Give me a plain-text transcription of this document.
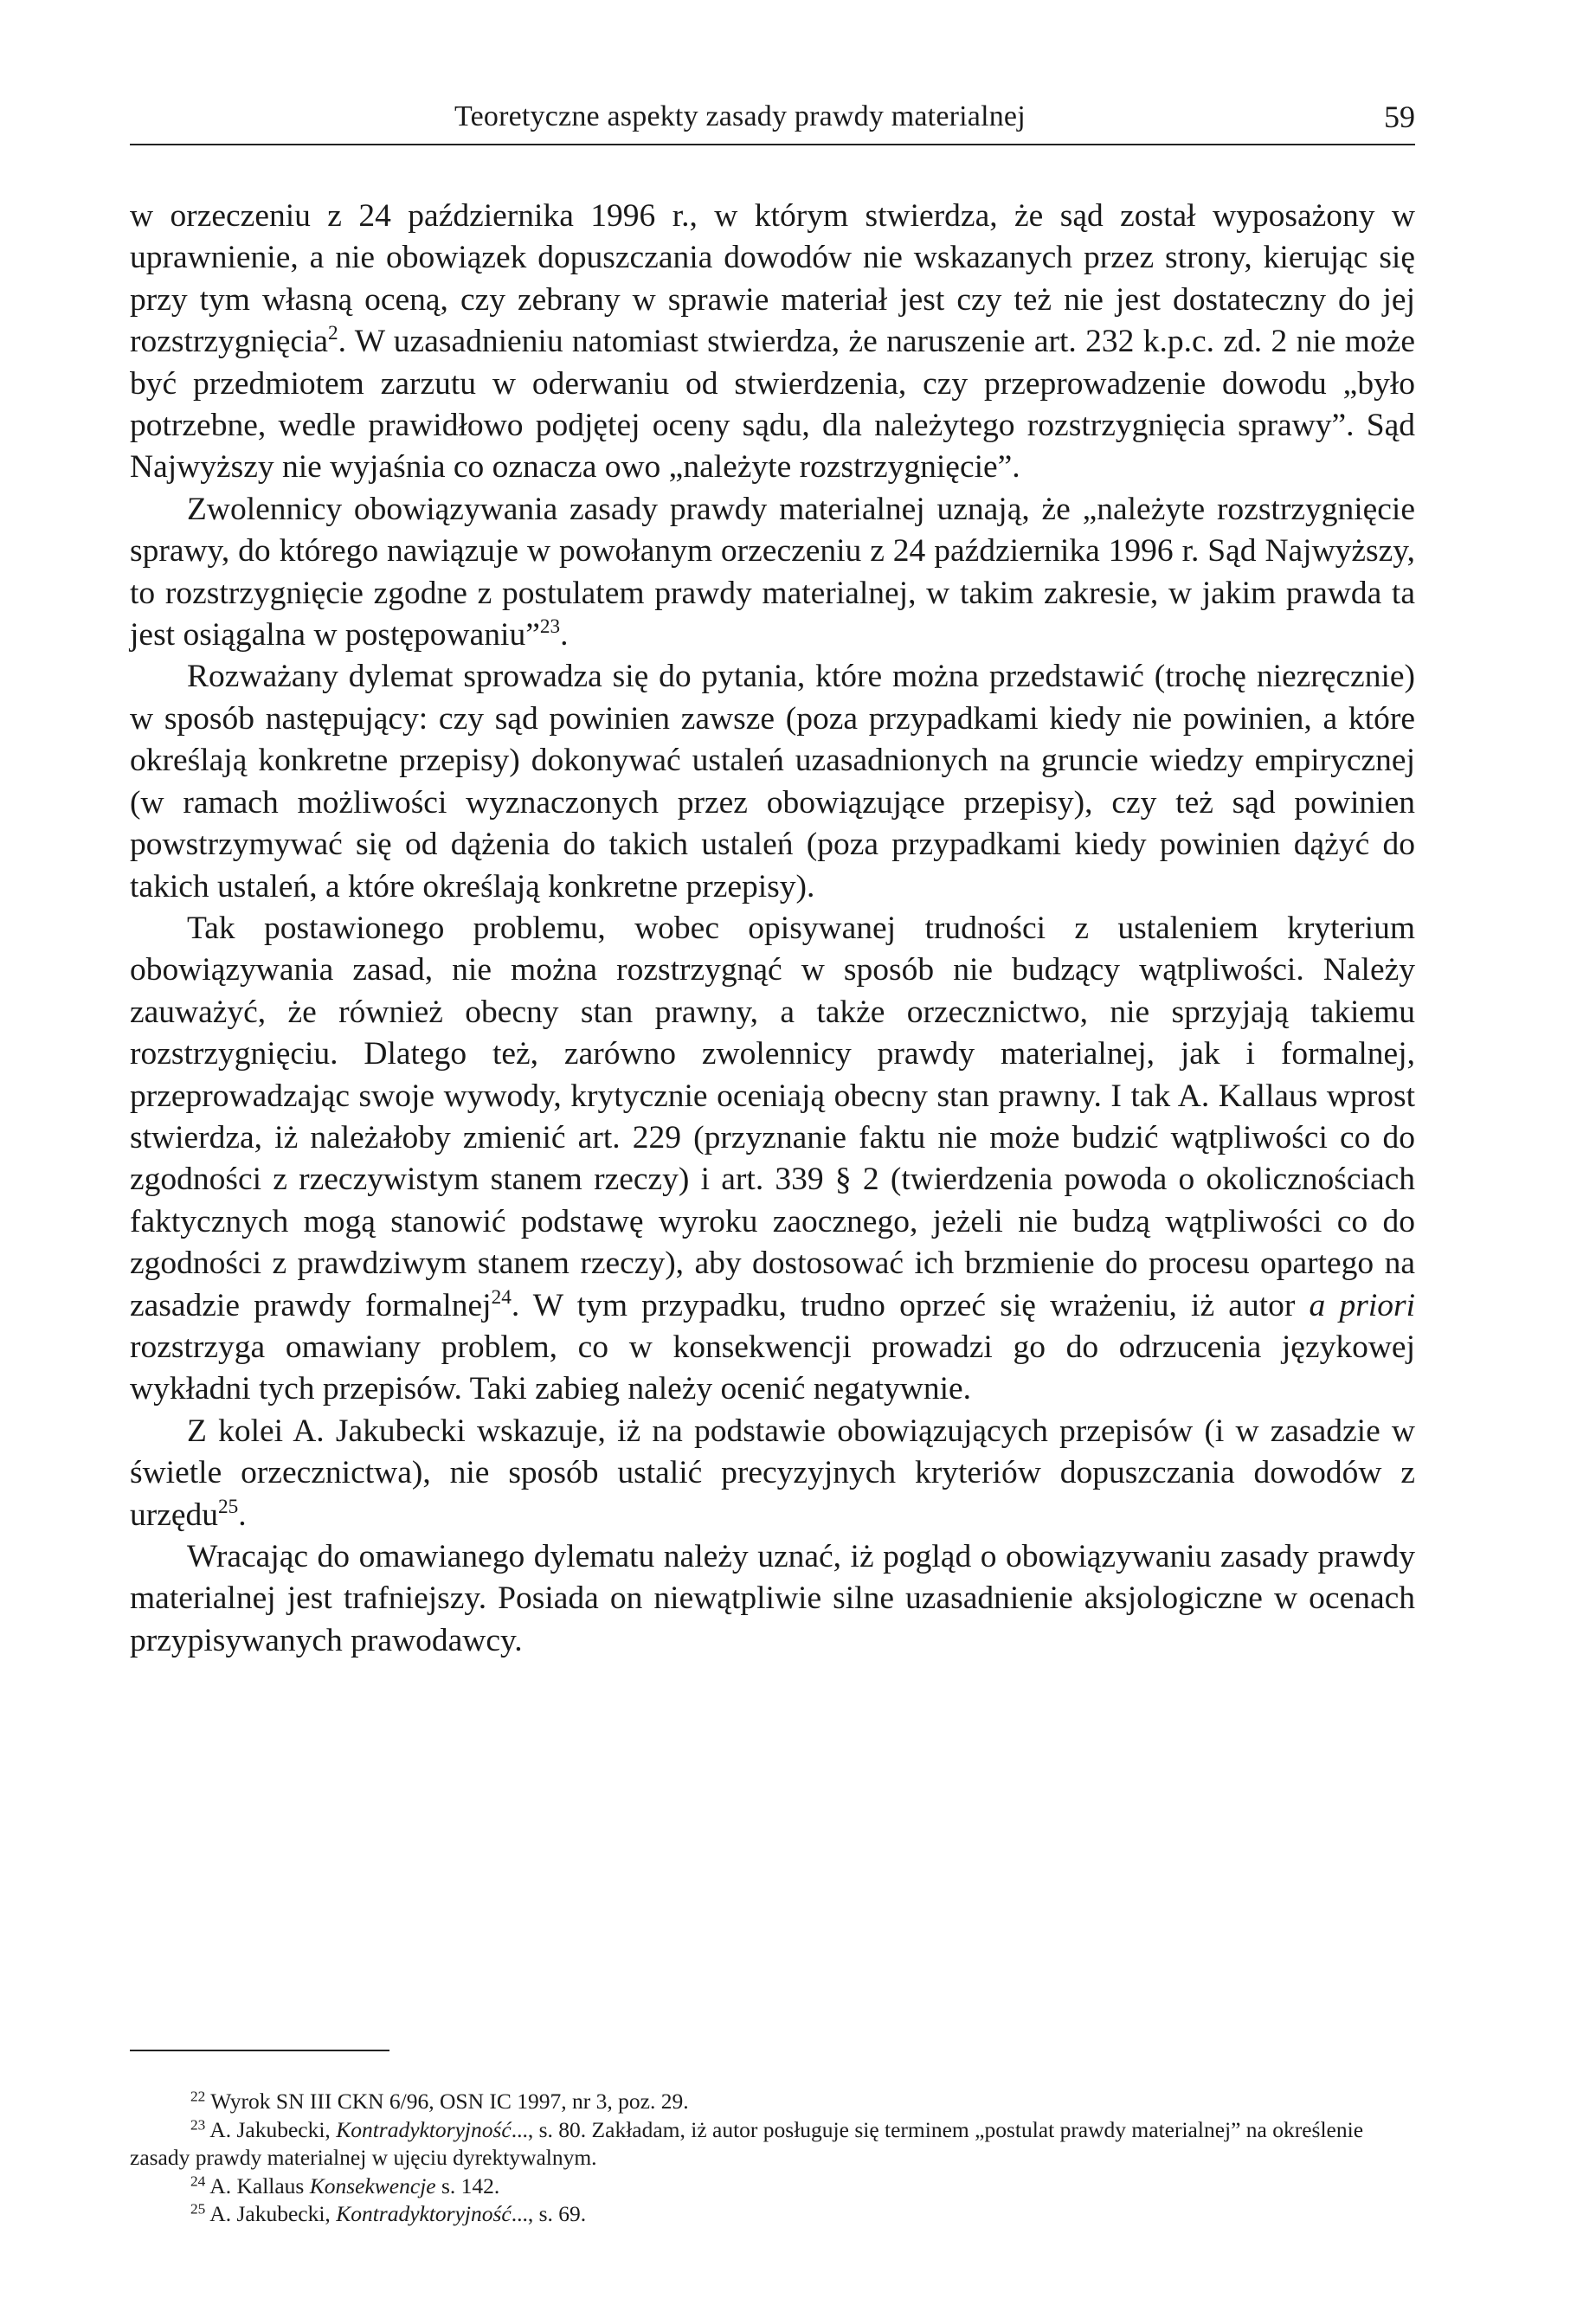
Teoretyczne aspekty zasady prawdy materialnej	59

w orzeczeniu z 24 października 1996 r., w którym stwierdza, że sąd został wyposażony w uprawnienie, a nie obowiązek dopuszczania dowodów nie wskazanych przez strony, kierując się przy tym własną oceną, czy zebrany w sprawie materiał jest czy też nie jest dostateczny do jej rozstrzygnięcia$^2$. W uzasadnieniu natomiast stwierdza, że naruszenie art. 232 k.p.c. zd. 2 nie może być przedmiotem zarzutu w oderwaniu od stwierdzenia, czy przeprowadzenie dowodu „było potrzebne, wedle prawidłowo podjętej oceny sądu, dla należytego rozstrzygnięcia sprawy”. Sąd Najwyższy nie wyjaśnia co oznacza owo „należyte rozstrzygnięcie”.

Zwolennicy obowiązywania zasady prawdy materialnej uznają, że „należyte rozstrzygnięcie sprawy, do którego nawiązuje w powołanym orzeczeniu z 24 października 1996 r. Sąd Najwyższy, to rozstrzygnięcie zgodne z postulatem prawdy materialnej, w takim zakresie, w jakim prawda ta jest osiągalna w postępowaniu”$^{23}$.

Rozważany dylemat sprowadza się do pytania, które można przedstawić (trochę niezręcznie) w sposób następujący: czy sąd powinien zawsze (poza przypadkami kiedy nie powinien, a które określają konkretne przepisy) dokonywać ustaleń uzasadnionych na gruncie wiedzy empirycznej (w ramach możliwości wyznaczonych przez obowiązujące przepisy), czy też sąd powinien powstrzymywać się od dążenia do takich ustaleń (poza przypadkami kiedy powinien dążyć do takich ustaleń, a które określają konkretne przepisy).

Tak postawionego problemu, wobec opisywanej trudności z ustaleniem kryterium obowiązywania zasad, nie można rozstrzygnąć w sposób nie budzący wątpliwości. Należy zauważyć, że również obecny stan prawny, a także orzecznictwo, nie sprzyjają takiemu rozstrzygnięciu. Dlatego też, zarówno zwolennicy prawdy materialnej, jak i formalnej, przeprowadzając swoje wywody, krytycznie oceniają obecny stan prawny. I tak A. Kallaus wprost stwierdza, iż należałoby zmienić art. 229 (przyznanie faktu nie może budzić wątpliwości co do zgodności z rzeczywistym stanem rzeczy) i art. 339 § 2 (twierdzenia powoda o okolicznościach faktycznych mogą stanowić podstawę wyroku zaocznego, jeżeli nie budzą wątpliwości co do zgodności z prawdziwym stanem rzeczy), aby dostosować ich brzmienie do procesu opartego na zasadzie prawdy formalnej$^{24}$. W tym przypadku, trudno oprzeć się wrażeniu, iż autor a priori rozstrzyga omawiany problem, co w konsekwencji prowadzi go do odrzucenia językowej wykładni tych przepisów. Taki zabieg należy ocenić negatywnie.

Z kolei A. Jakubecki wskazuje, iż na podstawie obowiązujących przepisów (i w zasadzie w świetle orzecznictwa), nie sposób ustalić precyzyjnych kryteriów dopuszczania dowodów z urzędu$^{25}$.

Wracając do omawianego dylematu należy uznać, iż pogląd o obowiązywaniu zasady prawdy materialnej jest trafniejszy. Posiada on niewątpliwie silne uzasadnienie aksjologiczne w ocenach przypisywanych prawodawcy.

$^{22}$ Wyrok SN III CKN 6/96, OSN IC 1997, nr 3, poz. 29.

$^{23}$ A. Jakubecki, Kontradyktoryjność..., s. 80. Zakładam, iż autor posługuje się terminem „postulat prawdy materialnej” na określenie zasady prawdy materialnej w ujęciu dyrektywalnym.

$^{24}$ A. Kallaus Konsekwencje s. 142.

$^{25}$ A. Jakubecki, Kontradyktoryjność..., s. 69.
